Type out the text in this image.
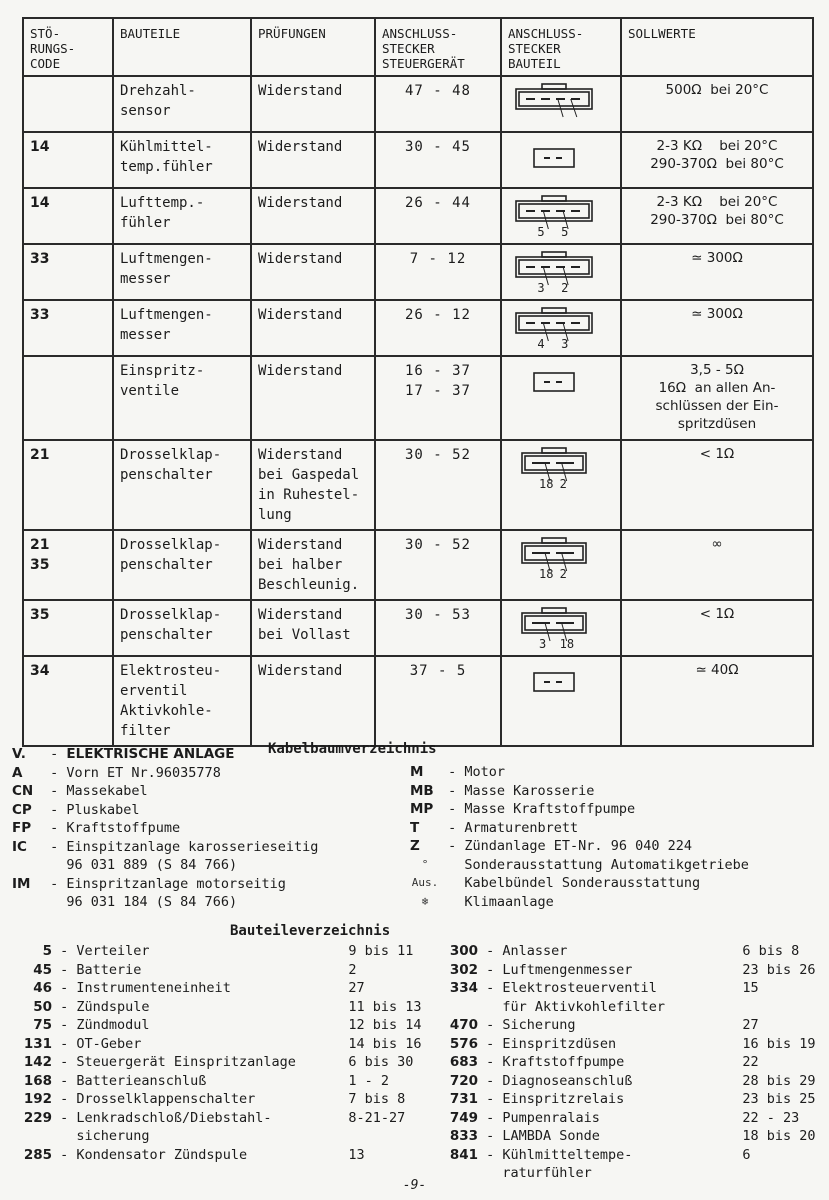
STÖ-
RUNGS-
CODE	BAUTEILE	PRÜFUNGEN	ANSCHLUSS-
STECKER
STEUERGERÄT	ANSCHLUSS-
STECKER
BAUTEIL	SOLLWERTE

	Drehzahl-
sensor	Widerstand	47 - 48		500Ω  bei 20°C

14	Kühlmittel-
temp.fühler	Widerstand	30 - 45		2-3 KΩ    bei 20°C
290-370Ω  bei 80°C

14	Lufttemp.-
fühler	Widerstand	26 - 44	5 5	2-3 KΩ    bei 20°C
290-370Ω  bei 80°C

33	Luftmengen-
messer	Widerstand	7 - 12	3 2	≃ 300Ω

33	Luftmengen-
messer	Widerstand	26 - 12	4 3	≃ 300Ω

	Einspritz-
ventile	Widerstand	16 - 37
17 - 37		3,5 - 5Ω
16Ω  an allen An-
schlüssen der Ein-
spritzdüsen

21	Drosselklap-
penschalter	Widerstand
bei Gaspedal
in Ruhestel-
lung	30 - 52	18 2	< 1Ω

21
35	Drosselklap-
penschalter	Widerstand
bei halber
Beschleunig.	30 - 52	18 2	∞

35	Drosselklap-
penschalter	Widerstand
bei Vollast	30 - 53	3 18	< 1Ω

34	Elektrosteu-
erventil
Aktivkohle-
filter	Widerstand	37 - 5		≃ 40Ω
V.	- ELEKTRISCHE ANLAGE
A	- Vorn ET Nr.96035778
CN - Massekabel
CP - Pluskabel
FP - Kraftstoffpume
IC	- Einspitzanlage karosserieseitig

96 031 889 (S 84 766)
IM - Einspritzanlage motorseitig

96 031 184 (S 84 766)
Kabelbaumverzeichnis
M	- Motor
MB - Masse Karosserie
MP - Masse Kraftstoffpumpe
T	- Armaturenbrett
Z	- Zündanlage ET-Nr. 96 040 224
°
	Sonderausstattung Automatikgetriebe
Aus.
Kabelbündel Sonderausstattung
❄
	Klimaanlage
Bauteileverzeichnis
5 - Verteiler	9 bis 11
45 - Batterie	2
46 - Instrumenteneinheit	27
50 - Zündspule	11 bis 13
75 - Zündmodul	12 bis 14
131 - OT-Geber	14 bis 16
142 - Steuergerät Einspritzanlage	6 bis 30
168 - Batterieanschluß	1 - 2
192 - Drosselklappenschalter	7 bis 8
229 - Lenkradschloß/Diebstahl-	8-21-27

sicherung
285 - Kondensator Zündspule	13
300 - Anlasser	6 bis 8
302 - Luftmengenmesser	23 bis 26
334 - Elektrosteuerventil	15

für Aktivkohlefilter
470 - Sicherung	27
576 - Einspritzdüsen	16 bis 19
683 - Kraftstoffpumpe	22
720 - Diagnoseanschluß	28 bis 29
731 - Einspritzrelais	23 bis 25
749 - Pumpenralais	22 - 23
833 - LAMBDA Sonde	18 bis 20
841 - Kühlmitteltempe-	6

raturfühler
-9-
